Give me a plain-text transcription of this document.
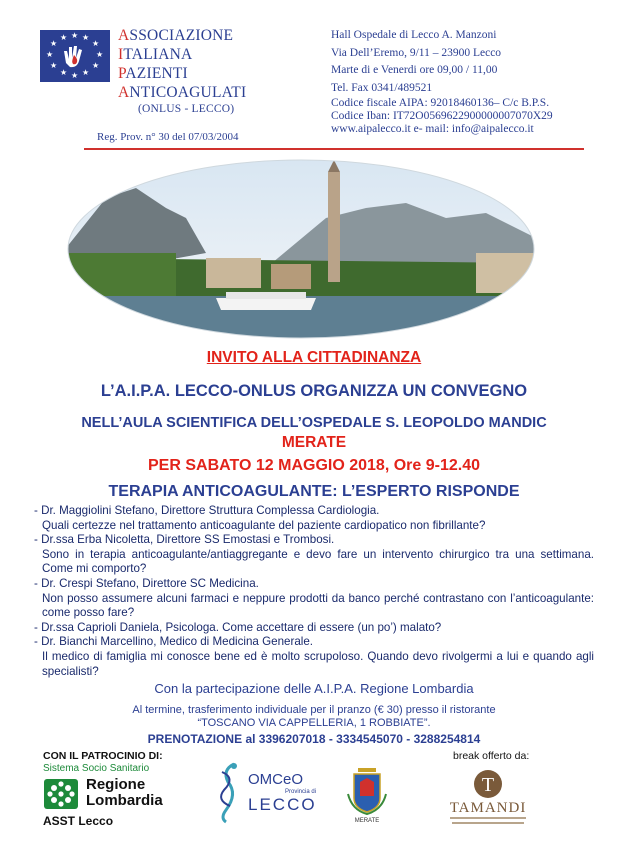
★ ★
★
★
★
★
★
★
★
★
★
★	ASSOCIAZIONE
ITALIANA
PAZIENTI
ANTICOAGULATI
(ONLUS - LECCO)
Reg. Prov. n° 30 del 07/03/2004
Hall Ospedale di Lecco A. Manzoni
Via Dell’Eremo, 9/11 – 23900 Lecco
Marte di e Venerdi ore 09,00 / 11,00
Tel. Fax 0341/489521
Codice fiscale AIPA: 92018460136– C/c B.P.S.
Codice Iban: IT72O0569622900000007070X29
www.aipalecco.it e- mail: info@aipalecco.it
INVITO ALLA CITTADINANZA
L’A.I.P.A. LECCO-ONLUS ORGANIZZA UN CONVEGNO
NELL’AULA SCIENTIFICA DELL’OSPEDALE S. LEOPOLDO MANDIC
MERATE
PER SABATO 12 MAGGIO 2018, Ore 9-12.40
TERAPIA ANTICOAGULANTE: L’ESPERTO RISPONDE
- Dr. Maggiolini Stefano, Direttore Struttura Complessa Cardiologia.
Quali certezze nel trattamento anticoagulante del paziente cardiopatico non fibrillante?
- Dr.ssa Erba Nicoletta, Direttore SS Emostasi e Trombosi.
Sono in terapia anticoagulante/antiaggregante e devo fare un intervento chirurgico tra una settimana. Come mi comporto?
- Dr. Crespi Stefano, Direttore SC Medicina.
Non posso assumere alcuni farmaci e neppure prodotti da banco perché contrastano con l’anticoagulante: come posso fare?
- Dr.ssa Caprioli Daniela, Psicologa. Come accettare di essere (un po’) malato?
- Dr. Bianchi Marcellino, Medico di Medicina Generale.
Il medico di famiglia mi conosce bene ed è molto scrupoloso. Quando devo rivolgermi a lui e quando agli specialisti?
Con la partecipazione delle A.I.P.A. Regione Lombardia
Al termine, trasferimento individuale per il pranzo (€ 30) presso il ristorante
“TOSCANO VIA CAPPELLERIA, 1 ROBBIATE”.
PRENOTAZIONE al 3396207018 - 3334545070 - 3288254814
CON IL PATROCINIO DI:
Sistema Socio Sanitario
Regione
Lombardia
ASST Lecco
OMCeO
Provincia di
LECCO
MERATE
break offerto da:
T
TAMANDI
